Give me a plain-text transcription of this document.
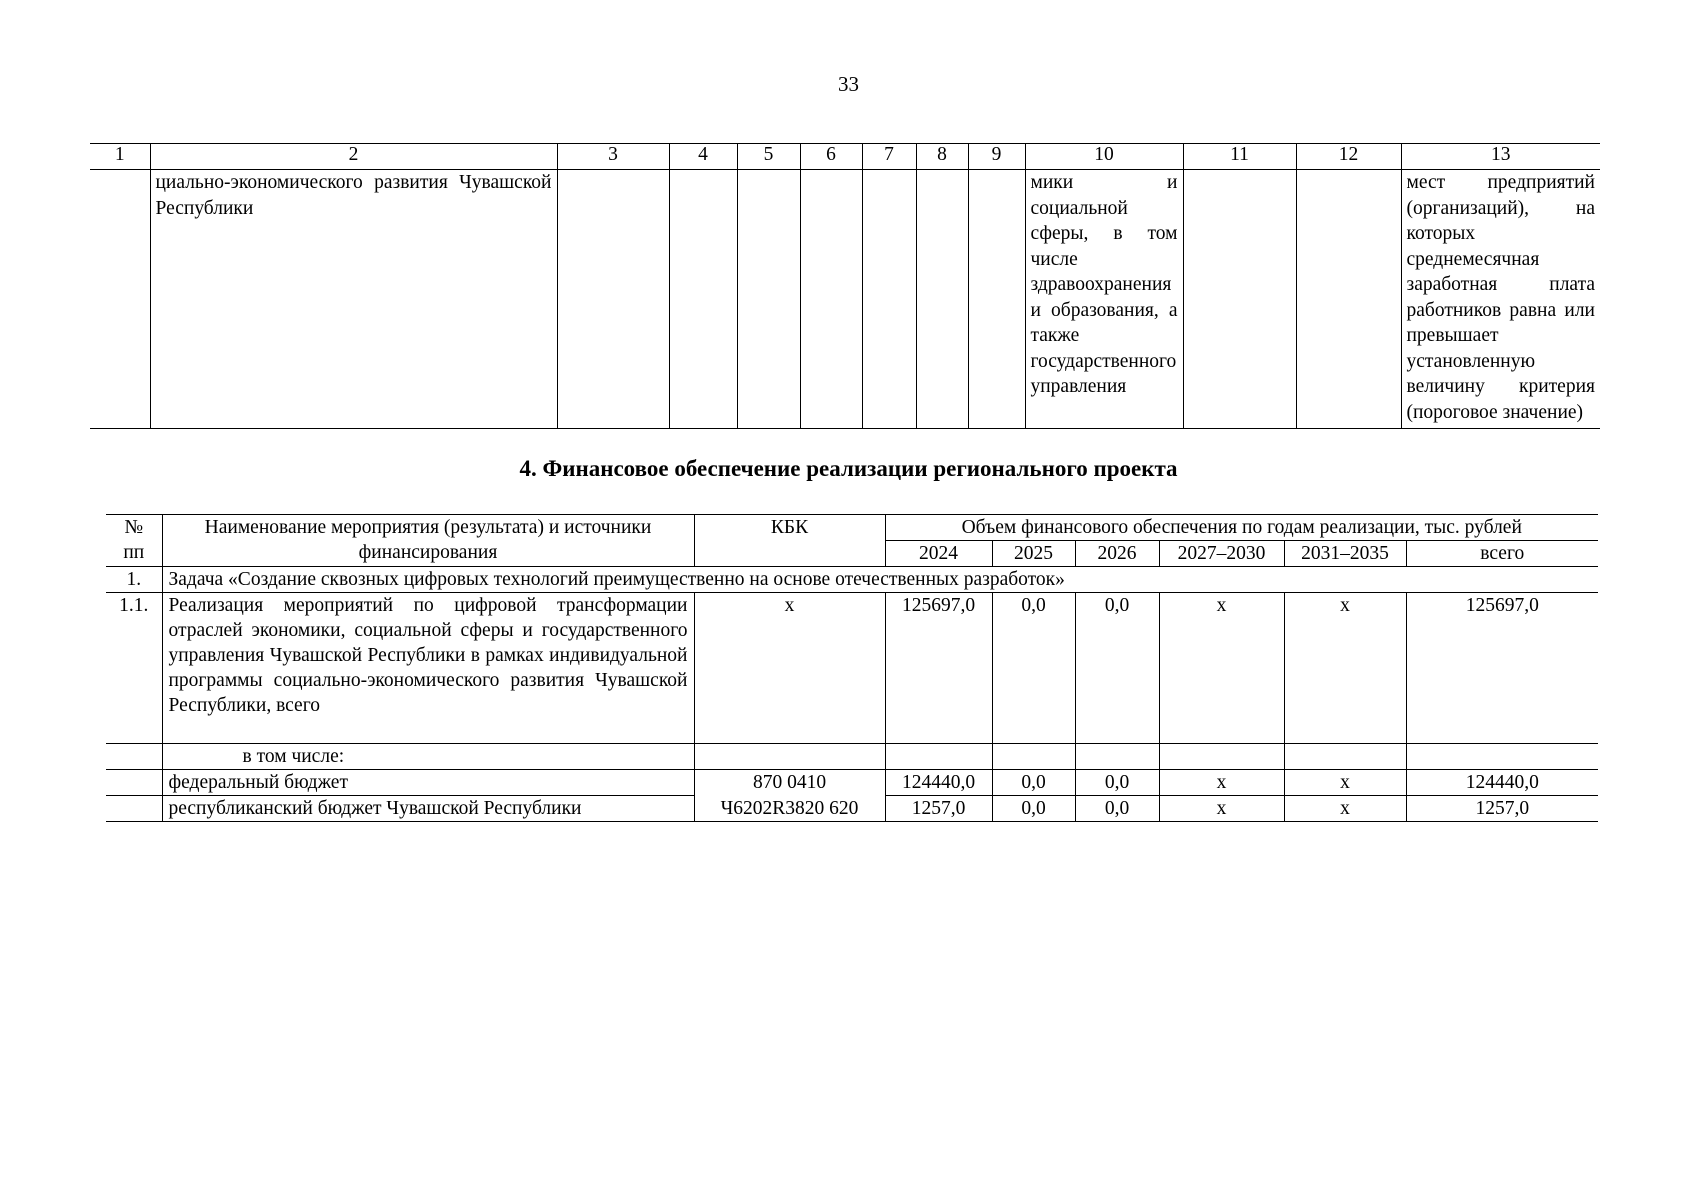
33
1	2	3	4	5	6	7	8	9	10	11	12	13
	циально-экономического развития Чувашской Республики								мики и социальной сферы, в том числе здравоохранения и образования, а также государственного управления			мест предприятий (организаций), на которых среднемесячная заработная плата работников равна или превышает установленную величину критерия (пороговое значение)
4. Финансовое обеспечение реализации регионального проекта
№ пп	Наименование мероприятия (результата) и источники финансирования	КБК	Объем финансового обеспечения по годам реализации, тыс. рублей					
			2024	2025	2026	2027–2030	2031–2035	всего
1.	Задача «Создание сквозных цифровых технологий преимущественно на основе отечественных разработок»							
1.1.	Реализация мероприятий по цифровой трансформации отраслей экономики, социальной сферы и государственного управления Чувашской Республики в рамках индивидуальной программы социально-экономического развития Чувашской Республики, всего	х	125697,0	0,0	0,0	х	х	125697,0
	в том числе:							
	федеральный бюджет	870 0410	124440,0	0,0	0,0	х	х	124440,0
	республиканский бюджет Чувашской Республики	Ч6202R3820 620	1257,0	0,0	0,0	х	х	1257,0
